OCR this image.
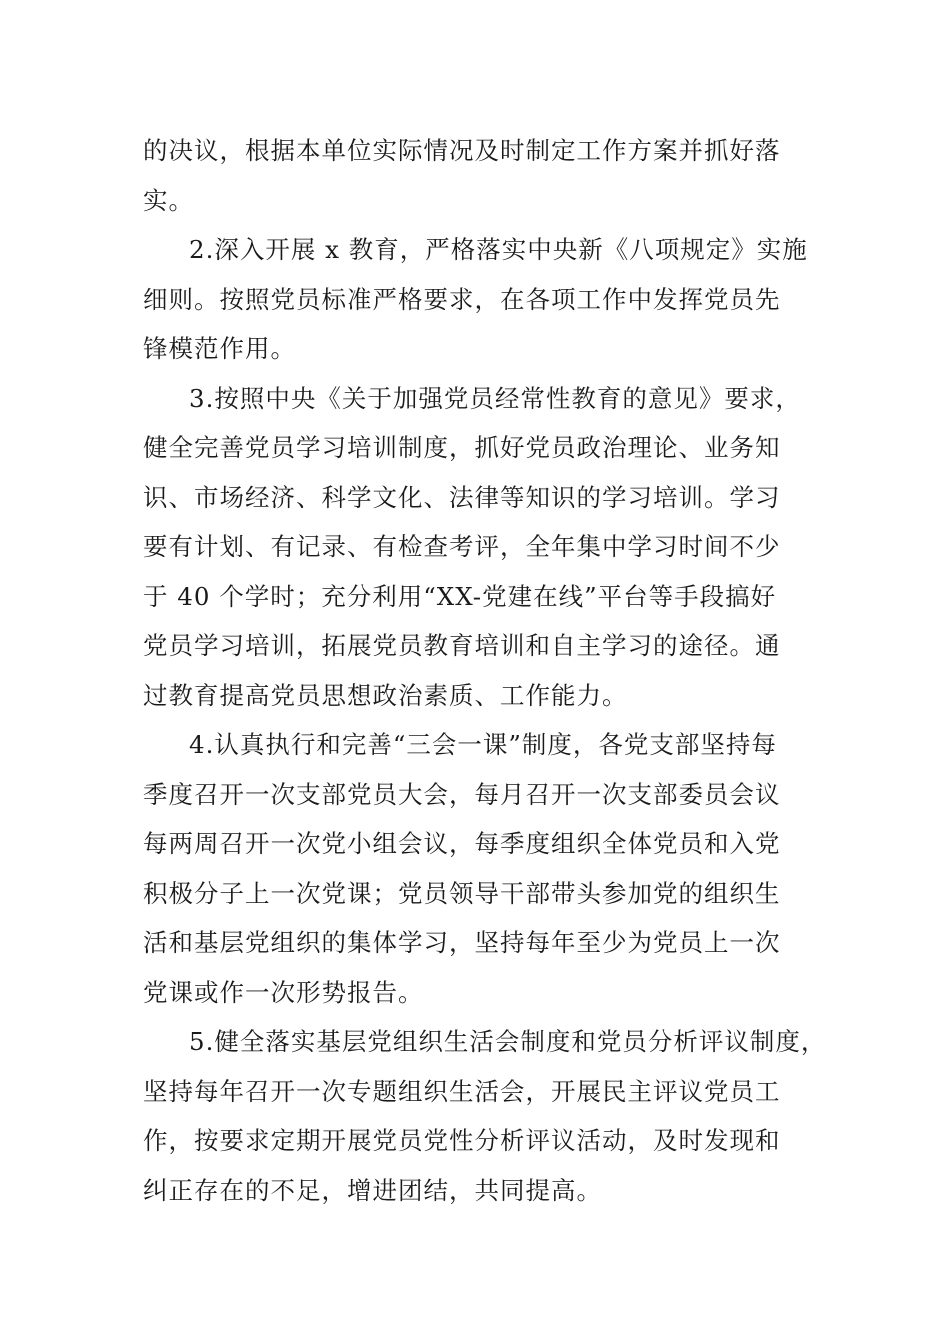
的决议，根据本单位实际情况及时制定工作方案并抓好落
实。
2.深入开展 x 教育，严格落实中央新《八项规定》实施
细则。按照党员标准严格要求，在各项工作中发挥党员先
锋模范作用。
3.按照中央《关于加强党员经常性教育的意见》要求，
健全完善党员学习培训制度，抓好党员政治理论、业务知
识、市场经济、科学文化、法律等知识的学习培训。学习
要有计划、有记录、有检查考评，全年集中学习时间不少
于 40 个学时；充分利用“XX-党建在线”平台等手段搞好
党员学习培训，拓展党员教育培训和自主学习的途径。通
过教育提高党员思想政治素质、工作能力。
4.认真执行和完善“三会一课”制度，各党支部坚持每
季度召开一次支部党员大会，每月召开一次支部委员会议
每两周召开一次党小组会议，每季度组织全体党员和入党
积极分子上一次党课；党员领导干部带头参加党的组织生
活和基层党组织的集体学习，坚持每年至少为党员上一次
党课或作一次形势报告。
5.健全落实基层党组织生活会制度和党员分析评议制度，
坚持每年召开一次专题组织生活会，开展民主评议党员工
作，按要求定期开展党员党性分析评议活动，及时发现和
纠正存在的不足，增进团结，共同提高。
